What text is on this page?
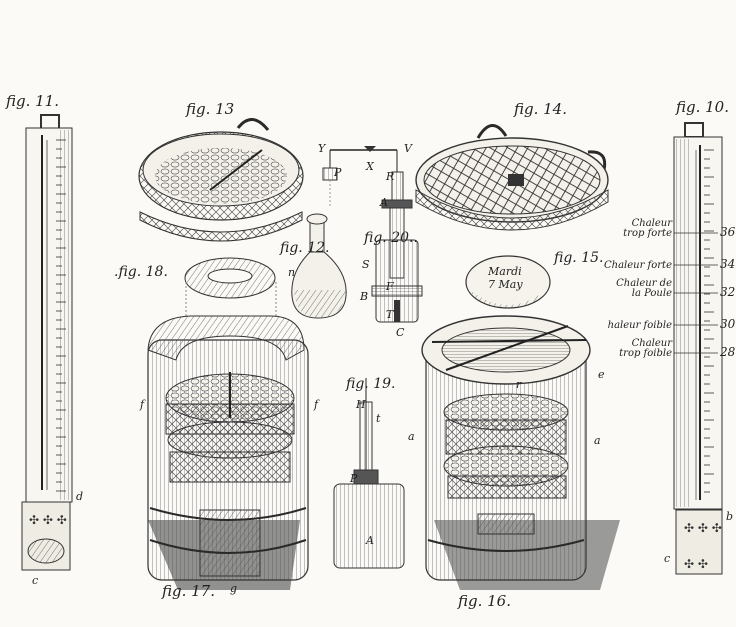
✣ ✣ ✣
✣ ✣ ✣
✣ ✣
fig. 11.	fig. 13	fig. 14.	fig. 10.
fig. 12.
fig. 20..
.fig. 18.
fig. 15.
fig. 19.
fig. 17.
fig. 16.
Mardi
7 May
Chaleur
trop forte	36
Chaleur forte	34
Chaleur de
la Poule	32
haleur foible	30
Chaleur
trop foible	28
Y	V
X
P	R
A
S
B
F
T
C
n
H
t
P
A
d
c
c
b
a	a
f	f
g
e
r
